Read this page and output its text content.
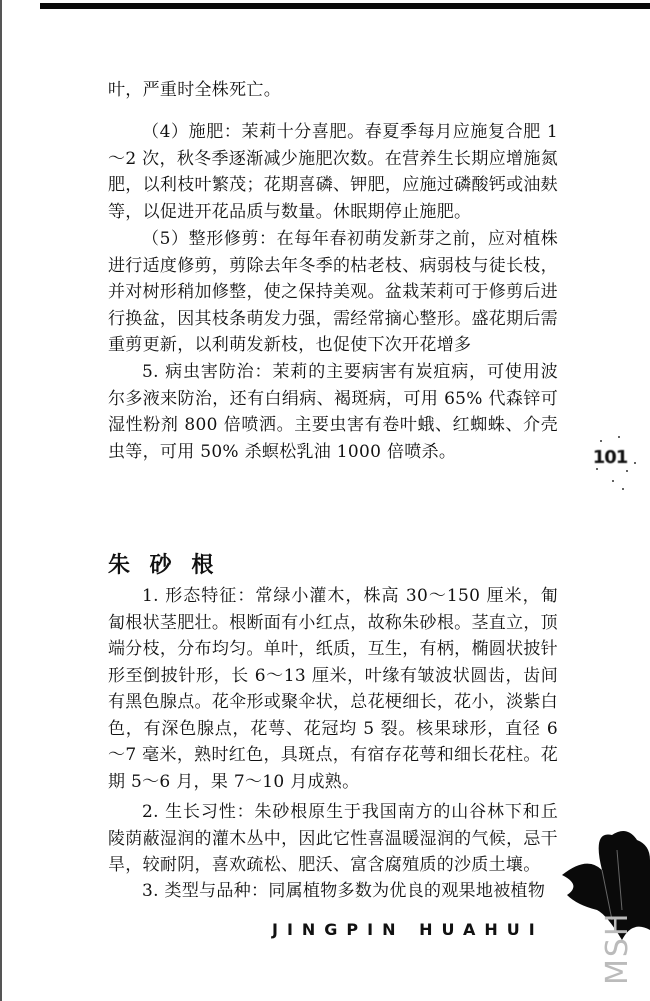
叶，严重时全株死亡。

（4）施肥：茉莉十分喜肥。春夏季每月应施复合肥 1～2 次，秋冬季逐渐减少施肥次数。在营养生长期应增施氮肥，以利枝叶繁茂；花期喜磷、钾肥，应施过磷酸钙或油麸等，以促进开花品质与数量。休眠期停止施肥。

（5）整形修剪：在每年春初萌发新芽之前，应对植株进行适度修剪，剪除去年冬季的枯老枝、病弱枝与徒长枝，并对树形稍加修整，使之保持美观。盆栽茉莉可于修剪后进行换盆，因其枝条萌发力强，需经常摘心整形。盛花期后需重剪更新，以利萌发新枝，也促使下次开花增多

5. 病虫害防治：茉莉的主要病害有炭疽病，可使用波尔多液来防治，还有白绢病、褐斑病，可用 65% 代森锌可湿性粉剂 800 倍喷洒。主要虫害有卷叶蛾、红蜘蛛、介壳虫等，可用 50% 杀螟松乳油 1000 倍喷杀。	101
朱 砂 根

1. 形态特征：常绿小灌木，株高 30～150 厘米，匍匐根状茎肥壮。根断面有小红点，故称朱砂根。茎直立，顶端分枝，分布均匀。单叶，纸质，互生，有柄，椭圆状披针形至倒披针形，长 6～13 厘米，叶缘有皱波状圆齿，齿间有黑色腺点。花伞形或聚伞状，总花梗细长，花小，淡紫白色，有深色腺点，花萼、花冠均 5 裂。核果球形，直径 6～7 毫米，熟时红色，具斑点，有宿存花萼和细长花柱。花期 5～6 月，果 7～10 月成熟。

2. 生长习性：朱砂根原生于我国南方的山谷林下和丘陵荫蔽湿润的灌木丛中，因此它性喜温暖湿润的气候，忌干旱，较耐阴，喜欢疏松、肥沃、富含腐殖质的沙质土壤。

3. 类型与品种：同属植物多数为优良的观果地被植物

JINGPIN HUAHUI MSH
